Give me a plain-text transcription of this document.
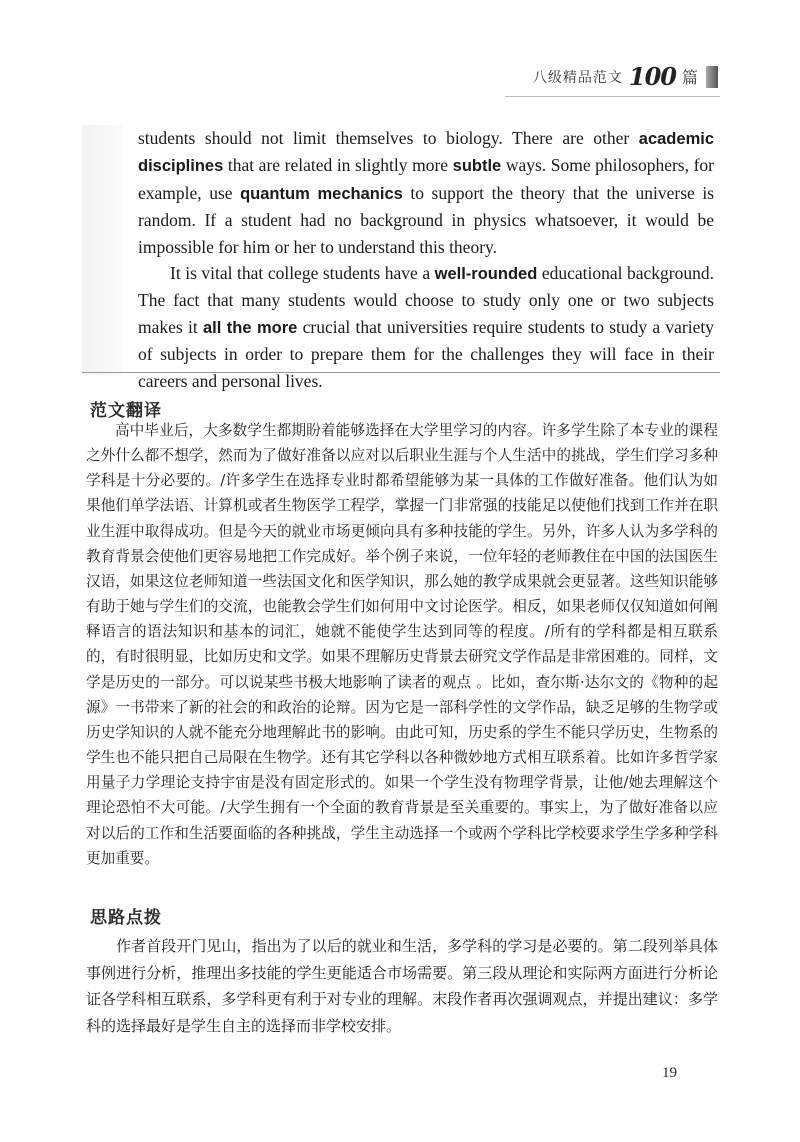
八级精品范文 100 篇

students should not limit themselves to biology. There are other academic disciplines that are related in slightly more subtle ways. Some philosophers, for example, use quantum mechanics to support the theory that the universe is random. If a student had no background in physics whatsoever, it would be impossible for him or her to understand this theory.

It is vital that college students have a well-rounded educational background. The fact that many students would choose to study only one or two subjects makes it all the more crucial that universities require students to study a variety of subjects in order to prepare them for the challenges they will face in their careers and personal lives.

范文翻译

高中毕业后，大多数学生都期盼着能够选择在大学里学习的内容。许多学生除了本专业的课程之外什么都不想学，然而为了做好准备以应对以后职业生涯与个人生活中的挑战，学生们学习多种学科是十分必要的。/许多学生在选择专业时都希望能够为某一具体的工作做好准备。他们认为如果他们单学法语、计算机或者生物医学工程学，掌握一门非常强的技能足以使他们找到工作并在职业生涯中取得成功。但是今天的就业市场更倾向具有多种技能的学生。另外，许多人认为多学科的教育背景会使他们更容易地把工作完成好。举个例子来说，一位年轻的老师教住在中国的法国医生汉语，如果这位老师知道一些法国文化和医学知识，那么她的教学成果就会更显著。这些知识能够有助于她与学生们的交流，也能教会学生们如何用中文讨论医学。相反，如果老师仅仅知道如何阐释语言的语法知识和基本的词汇，她就不能使学生达到同等的程度。/所有的学科都是相互联系的，有时很明显，比如历史和文学。如果不理解历史背景去研究文学作品是非常困难的。同样，文学是历史的一部分。可以说某些书极大地影响了读者的观点 。比如，查尔斯·达尔文的《物种的起源》一书带来了新的社会的和政治的论辩。因为它是一部科学性的文学作品，缺乏足够的生物学或历史学知识的人就不能充分地理解此书的影响。由此可知，历史系的学生不能只学历史，生物系的学生也不能只把自己局限在生物学。还有其它学科以各种微妙地方式相互联系着。比如许多哲学家用量子力学理论支持宇宙是没有固定形式的。如果一个学生没有物理学背景，让他/她去理解这个理论恐怕不大可能。/大学生拥有一个全面的教育背景是至关重要的。事实上，为了做好准备以应对以后的工作和生活要面临的各种挑战，学生主动选择一个或两个学科比学校要求学生学多种学科更加重要。

思路点拨

作者首段开门见山，指出为了以后的就业和生活，多学科的学习是必要的。第二段列举具体事例进行分析，推理出多技能的学生更能适合市场需要。第三段从理论和实际两方面进行分析论证各学科相互联系，多学科更有利于对专业的理解。末段作者再次强调观点，并提出建议：多学科的选择最好是学生自主的选择而非学校安排。

19
